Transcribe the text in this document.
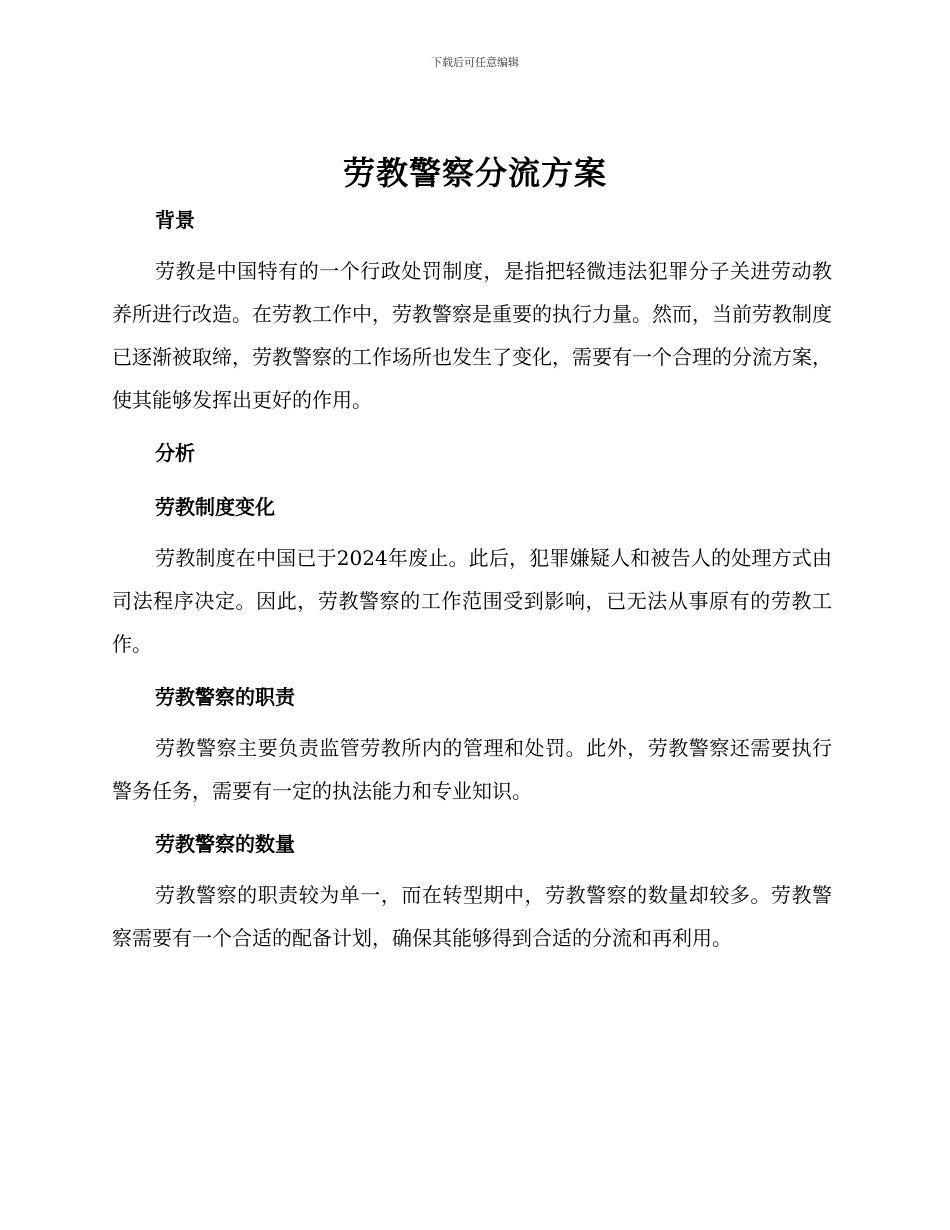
下载后可任意编辑
劳教警察分流方案
背景

劳教是中国特有的一个行政处罚制度，是指把轻微违法犯罪分子关进劳动教养所进行改造。在劳教工作中，劳教警察是重要的执行力量。然而，当前劳教制度已逐渐被取缔，劳教警察的工作场所也发生了变化，需要有一个合理的分流方案，使其能够发挥出更好的作用。

分析
劳教制度变化

劳教制度在中国已于2024年废止。此后，犯罪嫌疑人和被告人的处理方式由司法程序决定。因此，劳教警察的工作范围受到影响，已无法从事原有的劳教工作。

劳教警察的职责

劳教警察主要负责监管劳教所内的管理和处罚。此外，劳教警察还需要执行警务任务，需要有一定的执法能力和专业知识。

劳教警察的数量

劳教警察的职责较为单一，而在转型期中，劳教警察的数量却较多。劳教警察需要有一个合适的配备计划，确保其能够得到合适的分流和再利用。
